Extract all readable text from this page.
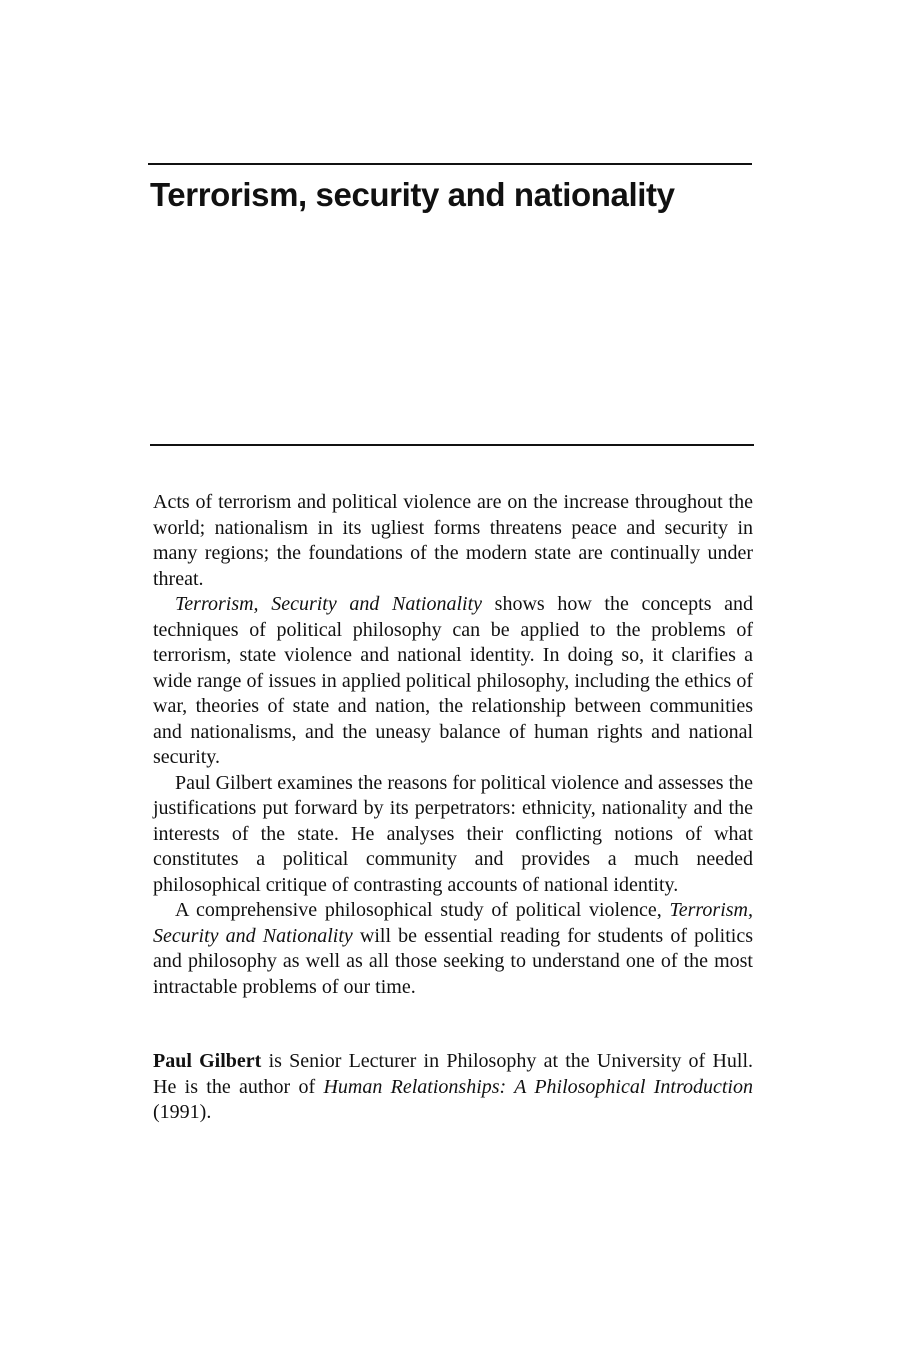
Terrorism, security and nationality

Acts of terrorism and political violence are on the increase throughout the world; nationalism in its ugliest forms threatens peace and security in many regions; the foundations of the modern state are continually under threat.

Terrorism, Security and Nationality shows how the concepts and techniques of political philosophy can be applied to the problems of terrorism, state violence and national identity. In doing so, it clarifies a wide range of issues in applied political philosophy, including the ethics of war, theories of state and nation, the relationship between communities and nationalisms, and the uneasy balance of human rights and national security.

Paul Gilbert examines the reasons for political violence and assesses the justifications put forward by its perpetrators: ethnicity, nationality and the interests of the state. He analyses their conflicting notions of what constitutes a political community and provides a much needed philosophical critique of contrasting accounts of national identity.

A comprehensive philosophical study of political violence, Terrorism, Security and Nationality will be essential reading for students of politics and philosophy as well as all those seeking to understand one of the most intractable problems of our time.

Paul Gilbert is Senior Lecturer in Philosophy at the University of Hull. He is the author of Human Relationships: A Philosophical Introduction (1991).
